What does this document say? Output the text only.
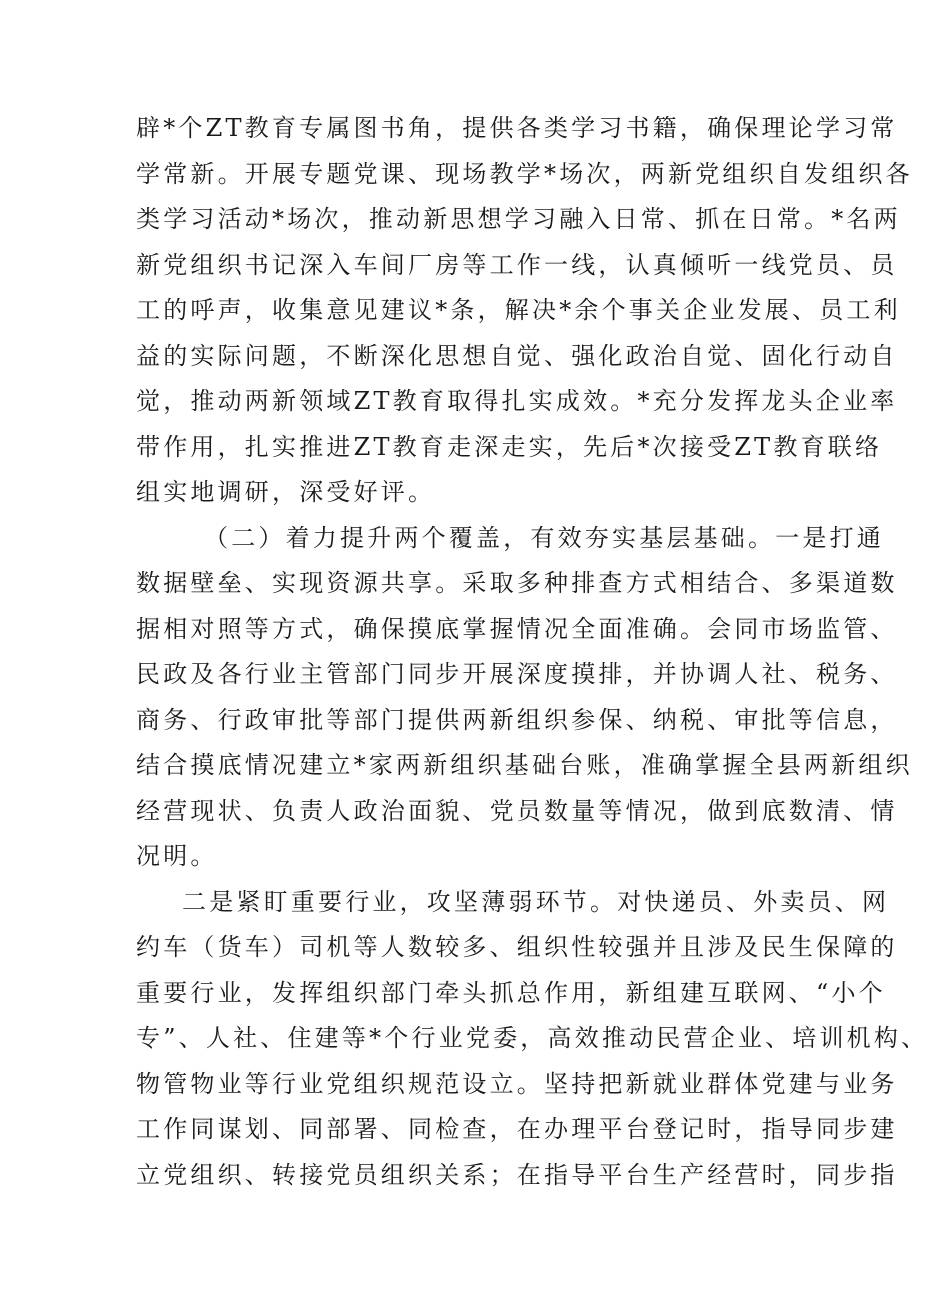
辟*个ZT教育专属图书角，提供各类学习书籍，确保理论学习常
学常新。开展专题党课、现场教学*场次，两新党组织自发组织各
类学习活动*场次，推动新思想学习融入日常、抓在日常。*名两
新党组织书记深入车间厂房等工作一线，认真倾听一线党员、员
工的呼声，收集意见建议*条，解决*余个事关企业发展、员工利
益的实际问题，不断深化思想自觉、强化政治自觉、固化行动自
觉，推动两新领域ZT教育取得扎实成效。*充分发挥龙头企业率
带作用，扎实推进ZT教育走深走实，先后*次接受ZT教育联络
组实地调研，深受好评。
（二）着力提升两个覆盖，有效夯实基层基础。一是打通
数据壁垒、实现资源共享。采取多种排查方式相结合、多渠道数
据相对照等方式，确保摸底掌握情况全面准确。会同市场监管、
民政及各行业主管部门同步开展深度摸排，并协调人社、税务、
商务、行政审批等部门提供两新组织参保、纳税、审批等信息，
结合摸底情况建立*家两新组织基础台账，准确掌握全县两新组织
经营现状、负责人政治面貌、党员数量等情况，做到底数清、情
况明。
二是紧盯重要行业，攻坚薄弱环节。对快递员、外卖员、网
约车（货车）司机等人数较多、组织性较强并且涉及民生保障的
重要行业，发挥组织部门牵头抓总作用，新组建互联网、“小个
专”、人社、住建等*个行业党委，高效推动民营企业、培训机构、
物管物业等行业党组织规范设立。坚持把新就业群体党建与业务
工作同谋划、同部署、同检查，在办理平台登记时，指导同步建
立党组织、转接党员组织关系；在指导平台生产经营时，同步指
